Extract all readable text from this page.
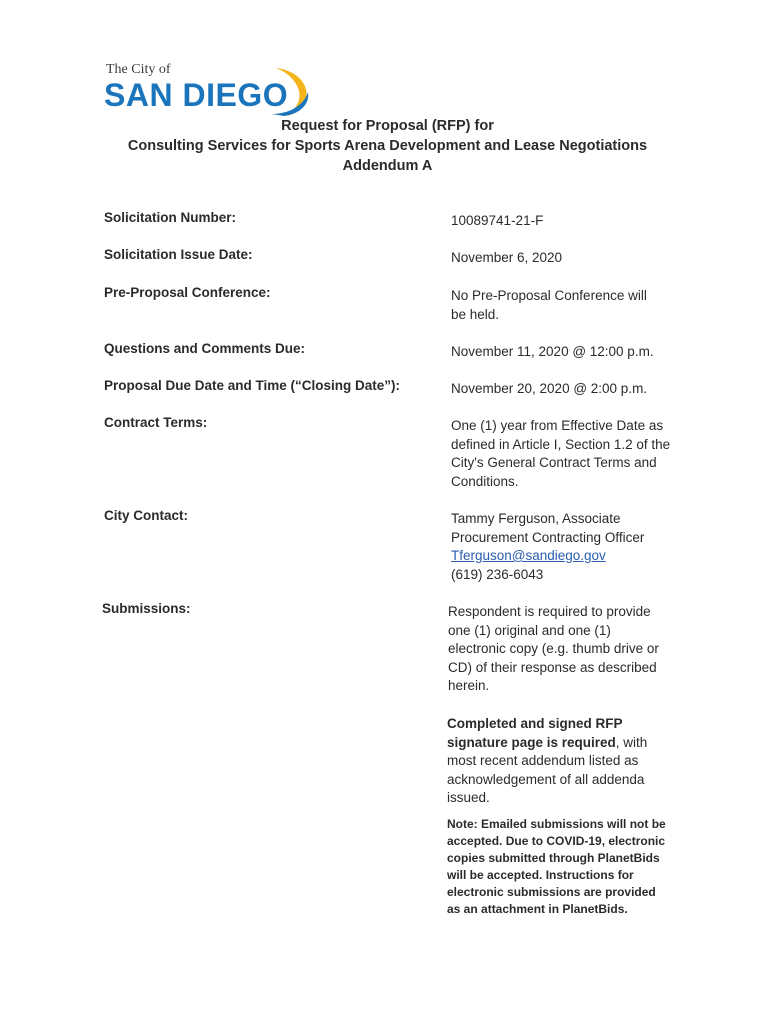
The City of
SAN DIEGO
Request for Proposal (RFP) for
Consulting Services for Sports Arena Development and Lease Negotiations
Addendum A
Solicitation Number:	10089741-21-F
Solicitation Issue Date:	November 6, 2020
Pre-Proposal Conference:	No Pre-Proposal Conference will be held.
Questions and Comments Due:	November 11, 2020 @ 12:00 p.m.
Proposal Due Date and Time (“Closing Date”):	November 20, 2020 @ 2:00 p.m.
Contract Terms:	One (1) year from Effective Date as defined in Article I, Section 1.2 of the City's General Contract Terms and Conditions.
City Contact:	Tammy Ferguson, Associate Procurement Contracting Officer
Tferguson@sandiego.gov
(619) 236-6043
Submissions:	Respondent is required to provide one (1) original and one (1) electronic copy (e.g. thumb drive or CD) of their response as described herein.
Completed and signed RFP signature page is required, with most recent addendum listed as acknowledgement of all addenda issued.
Note: Emailed submissions will not be accepted. Due to COVID-19, electronic copies submitted through PlanetBids will be accepted. Instructions for electronic submissions are provided as an attachment in PlanetBids.
